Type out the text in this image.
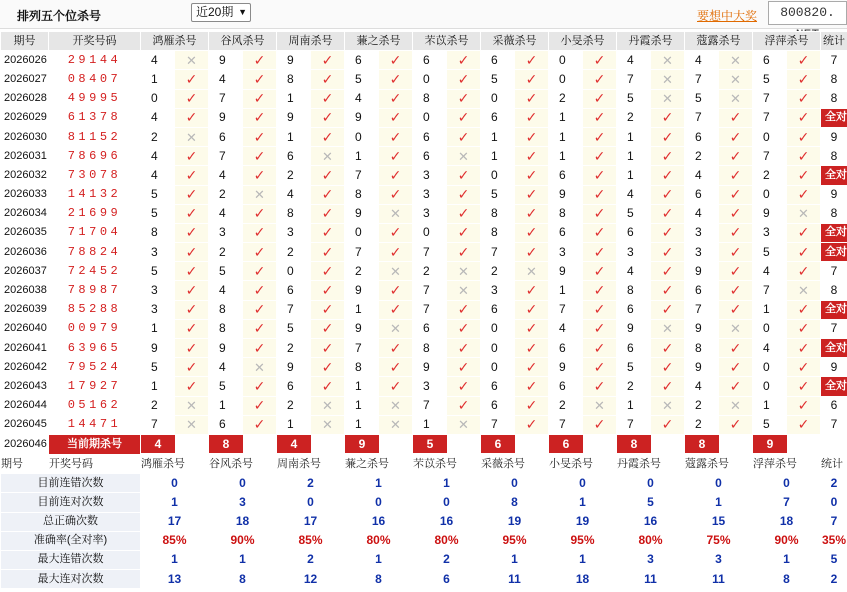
排列五个位杀号	近20期 ▼	要想中大奖	800820.
期号	开奖号码	鸿雁杀号		谷风杀号		周南杀号		蒹之杀号		芣苡杀号		采薇杀号		小旻杀号		丹霞杀号		蔻露杀号		浮萍杀号		统计
2026026	29144	4	✕	9	✓	9	✓	6	✓	6	✓	6	✓	0	✓	4	✕	4	✕	6	✓	7
2026027	08407	1	✓	4	✓	8	✓	5	✓	0	✓	5	✓	0	✓	7	✕	7	✕	5	✓	8
2026028	49995	0	✓	7	✓	1	✓	4	✓	8	✓	0	✓	2	✓	5	✕	5	✕	7	✓	8
2026029	61378	4	✓	9	✓	9	✓	9	✓	0	✓	6	✓	1	✓	2	✓	7	✓	7	✓	全对
2026030	81152	2	✕	6	✓	1	✓	0	✓	6	✓	1	✓	1	✓	1	✓	6	✓	0	✓	9
2026031	78696	4	✓	7	✓	6	✕	1	✓	6	✕	1	✓	1	✓	1	✓	2	✓	7	✓	8
2026032	73078	4	✓	4	✓	2	✓	7	✓	3	✓	0	✓	6	✓	1	✓	4	✓	2	✓	全对
2026033	14132	5	✓	2	✕	4	✓	8	✓	3	✓	5	✓	9	✓	4	✓	6	✓	0	✓	9
2026034	21699	5	✓	4	✓	8	✓	9	✕	3	✓	8	✓	8	✓	5	✓	4	✓	9	✕	8
2026035	71704	8	✓	3	✓	3	✓	0	✓	0	✓	8	✓	6	✓	6	✓	3	✓	3	✓	全对
2026036	78824	3	✓	2	✓	2	✓	7	✓	7	✓	7	✓	3	✓	3	✓	3	✓	5	✓	全对
2026037	72452	5	✓	5	✓	0	✓	2	✕	2	✕	2	✕	9	✓	4	✓	9	✓	4	✓	7
2026038	78987	3	✓	4	✓	6	✓	9	✓	7	✕	3	✓	1	✓	8	✓	6	✓	7	✕	8
2026039	85288	3	✓	8	✓	7	✓	1	✓	7	✓	6	✓	7	✓	6	✓	7	✓	1	✓	全对
2026040	00979	1	✓	8	✓	5	✓	9	✕	6	✓	0	✓	4	✓	9	✕	9	✕	0	✓	7
2026041	63965	9	✓	9	✓	2	✓	7	✓	8	✓	0	✓	6	✓	6	✓	8	✓	4	✓	全对
2026042	79524	5	✓	4	✕	9	✓	8	✓	9	✓	0	✓	9	✓	5	✓	9	✓	0	✓	9
2026043	17927	1	✓	5	✓	6	✓	1	✓	3	✓	6	✓	6	✓	2	✓	4	✓	0	✓	全对
2026044	05162	2	✕	1	✓	2	✕	1	✕	7	✓	6	✓	2	✕	1	✕	2	✕	1	✓	6
2026045	14471	7	✕	6	✓	1	✕	1	✕	1	✕	7	✓	7	✓	7	✓	2	✓	5	✓	7
2026046	当前期杀号	4		8		4		9		5		6		6		8		8		9		
期号	开奖号码	鸿雁杀号		谷风杀号		周南杀号		蒹之杀号		芣苡杀号		采薇杀号		小旻杀号		丹霞杀号		蔻露杀号		浮萍杀号		统计
目前连错次数		0		0		2		1		1		0		0		0		0		0		2
目前连对次数		1		3		0		0		0		8		1		5		1		7		0
总正确次数		17		18		17		16		16		19		19		16		15		18		7
准确率(全对率)		85%		90%		85%		80%		80%		95%		95%		80%		75%		90%		35%
最大连错次数		1		1		2		1		2		1		1		3		3		1		5
最大连对次数		13		8		12		8		6		11		18		11		11		8		2
